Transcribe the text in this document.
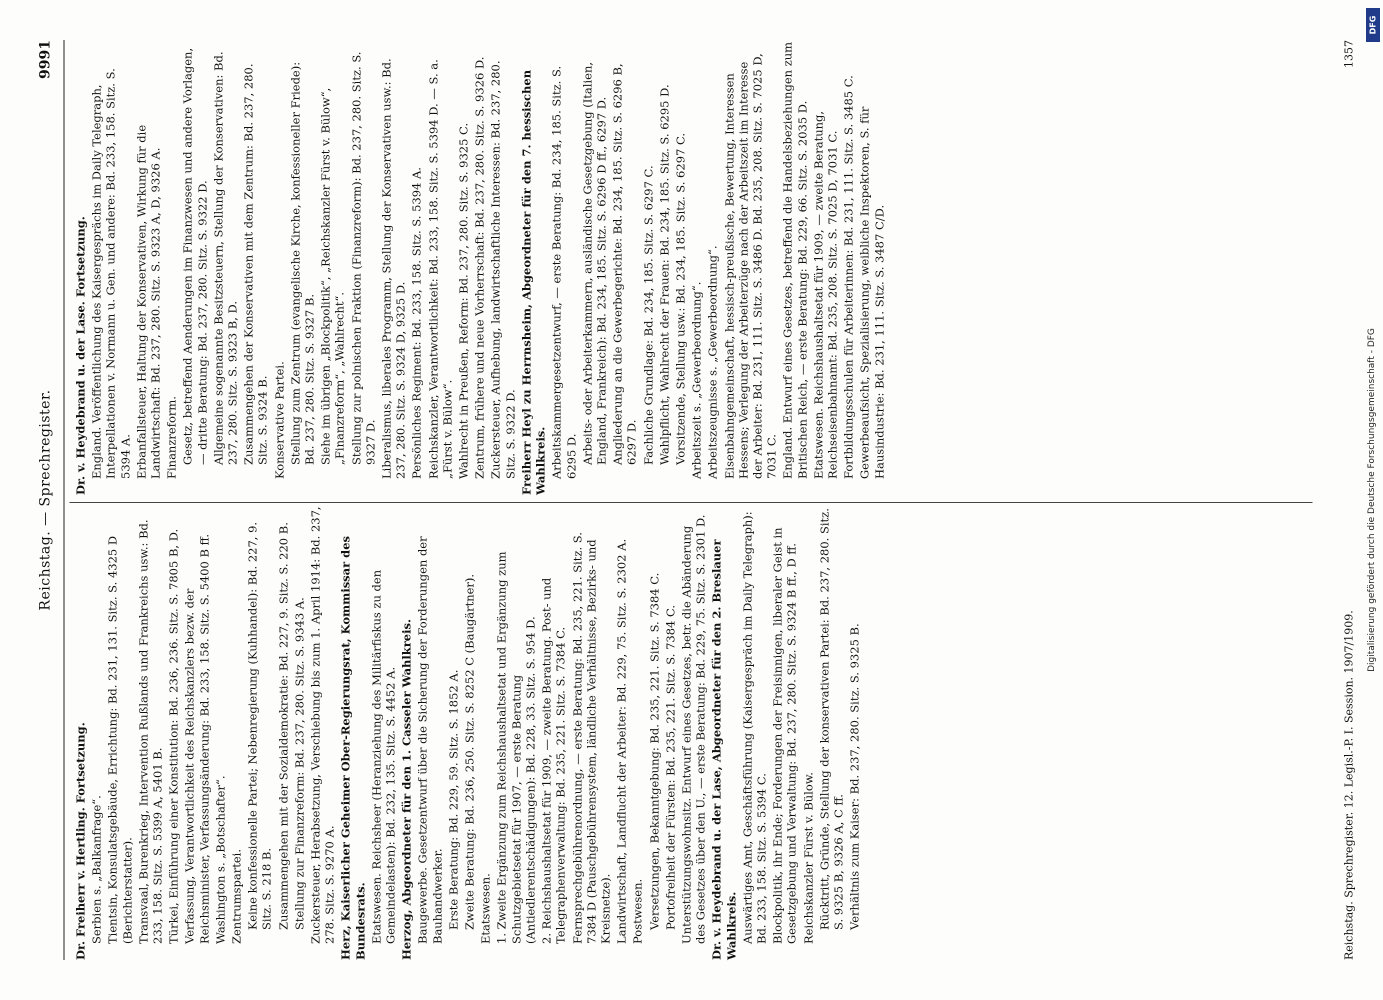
Reichstag. — Sprechregister.
9991
Dr. Freiherr v. Hertling. Fortsetzung. Serbien s. „Balkanfrage“. Tientsin, Konsulatsgebäude, Errichtung: Bd. 231, 131. Sitz. S. 4325 D (Berichterstatter). Transvaal, Burenkrieg, Intervention Rußlands und Frankreichs usw.: Bd. 233, 158. Sitz. S. 5399 A, 5401 B. Türkei, Einführung einer Konstitution: Bd. 236, 236. Sitz. S. 7805 B, D. Verfassung, Verantwortlichkeit des Reichskanzlers bezw. der Reichsminister, Verfassungsänderung: Bd. 233, 158. Sitz. S. 5400 B ff. Washington s. „Botschafter“. Zentrumspartei. Keine konfessionelle Partei; Nebenregierung (Kuhhandel): Bd. 227, 9. Sitz. S. 218 B. Zusammengehen mit der Sozialdemokratie: Bd. 227, 9. Sitz. S. 220 B. Stellung zur Finanzreform: Bd. 237, 280. Sitz. S. 9343 A. Zuckersteuer, Herabsetzung, Verschiebung bis zum 1. April 1914: Bd. 237, 278. Sitz. S. 9270 A. Herz, Kaiserlicher Geheimer Ober-Regierungsrat, Kommissar des Bundesrats. Etatswesen. Reichsheer (Heranziehung des Militärfiskus zu den Gemeindelasten): Bd. 232, 135. Sitz. S. 4452 A. Herzog, Abgeordneter für den 1. Casseler Wahlkreis. Baugewerbe. Gesetzentwurf über die Sicherung der Forderungen der Bauhandwerker. Erste Beratung: Bd. 229, 59. Sitz. S. 1852 A. Zweite Beratung: Bd. 236, 250. Sitz. S. 8252 C (Baugärtner). Etatswesen. 1. Zweite Ergänzung zum Reichshaushaltsetat und Ergänzung zum Schutzgebietsetat für 1907, — erste Beratung (Antiedlerentschädigungen): Bd. 228, 33. Sitz. S. 954 D. 2. Reichshaushaltsetat für 1909, — zweite Beratung. Post- und Telegraphenverwaltung: Bd. 235, 221. Sitz. S. 7384 C. Fernsprechgebührenordnung, — erste Beratung: Bd. 235, 221. Sitz. S. 7384 D (Pauschgebührensystem, ländliche Verhältnisse, Bezirks- und Kreisnetze). Landwirtschaft, Landflucht der Arbeiter: Bd. 229, 75. Sitz. S. 2302 A. Postwesen. Versetzungen, Bekanntgebung: Bd. 235, 221. Sitz. S. 7384 C. Portofreiheit der Fürsten: Bd. 235, 221. Sitz. S. 7384 C. Unterstützungswohnsitz. Entwurf eines Gesetzes, betr. die Abänderung des Gesetzes über den U., — erste Beratung: Bd. 229, 75. Sitz. S. 2301 D. Dr. v. Heydebrand u. der Lase, Abgeordneter für den 2. Breslauer Wahlkreis. Auswärtiges Amt, Geschäftsführung (Kaisergespräch im Daily Telegraph): Bd. 233, 158. Sitz. S. 5394 C. Blockpolitik, ihr Ende; Forderungen der Freisinnigen, liberaler Geist in Gesetzgebung und Verwaltung: Bd. 237, 280. Sitz. S. 9324 B ff., D ff. Reichskanzler Fürst v. Bülow. Rücktritt, Gründe, Stellung der konservativen Partei: Bd. 237, 280. Sitz. S. 9325 B, 9326 A, C ff. Verhältnis zum Kaiser: Bd. 237, 280. Sitz. S. 9325 B.
Dr. v. Heydebrand u. der Lase. Fortsetzung. England. Veröffentlichung des Kaisergesprächs im Daily Telegraph, Interpellationen v. Normann u. Gen. und andere: Bd. 233, 158. Sitz. S. 5394 A. Erbanfallsteuer, Haltung der Konservativen, Wirkung für die Landwirtschaft: Bd. 237, 280. Sitz. S. 9323 A, D, 9326 A. Finanzreform. Gesetz, betreffend Aenderungen im Finanzwesen und andere Vorlagen, — dritte Beratung: Bd. 237, 280. Sitz. S. 9322 D. Allgemeine sogenannte Besitzsteuern, Stellung der Konservativen: Bd. 237, 280. Sitz. S. 9323 B, D. Zusammengehen der Konservativen mit dem Zentrum: Bd. 237, 280. Sitz. S. 9324 B. Konservative Partei. Stellung zum Zentrum (evangelische Kirche, konfessioneller Friede): Bd. 237, 280. Sitz. S. 9327 B. Siehe im übrigen „Blockpolitik“, „Reichskanzler Fürst v. Bülow“, „Finanzreform“, „Wahlrecht“. Stellung zur polnischen Fraktion (Finanzreform): Bd. 237, 280. Sitz. S. 9327 D. Liberalismus, liberales Programm, Stellung der Konservativen usw.: Bd. 237, 280. Sitz. S. 9324 D, 9325 D. Persönliches Regiment: Bd. 233, 158. Sitz. S. 5394 A. Reichskanzler, Verantwortlichkeit: Bd. 233, 158. Sitz. S. 5394 D. — S. a. „Fürst v. Bülow“. Wahlrecht in Preußen, Reform: Bd. 237, 280. Sitz. S. 9325 C. Zentrum, frühere und neue Vorherrschaft: Bd. 237, 280. Sitz. S. 9326 D. Zuckersteuer, Aufhebung, landwirtschaftliche Interessen: Bd. 237, 280. Sitz. S. 9322 D. Freiherr Heyl zu Herrnsheim, Abgeordneter für den 7. hessischen Wahlkreis. Arbeitskammergesetzentwurf, — erste Beratung: Bd. 234, 185. Sitz. S. 6295 D. Arbeits- oder Arbeiterkammern, ausländische Gesetzgebung (Italien, England, Frankreich): Bd. 234, 185. Sitz. S. 6296 D ff., 6297 D. Angliederung an die Gewerbegerichte: Bd. 234, 185. Sitz. S. 6296 B, 6297 D. Fachliche Grundlage: Bd. 234, 185. Sitz. S. 6297 C. Wahlpflicht, Wahlrecht der Frauen: Bd. 234, 185. Sitz. S. 6295 D. Vorsitzende, Stellung usw.: Bd. 234, 185. Sitz. S. 6297 C. Arbeitszeit s. „Gewerbeordnung“. Arbeitszeugnisse s. „Gewerbeordnung“. Eisenbahngemeinschaft, hessisch-preußische, Bewertung, Interessen Hessens; Verlegung der Arbeiterzüge nach der Arbeitszeit im Interesse der Arbeiter: Bd. 231, 111. Sitz. S. 3486 D. Bd. 235, 208. Sitz. S. 7025 D, 7031 C. England. Entwurf eines Gesetzes, betreffend die Handelsbeziehungen zum Britischen Reich, — erste Beratung: Bd. 229, 66. Sitz. S. 2035 D. Etatswesen. Reichshaushaltsetat für 1909, — zweite Beratung, Reichseisenbahnamt: Bd. 235, 208. Sitz. S. 7025 D, 7031 C. Fortbildungsschulen für Arbeiterinnen: Bd. 231, 111. Sitz. S. 3485 C. Gewerbeaufsicht, Spezialisierung, weibliche Inspektoren, S. für Hausindustrie: Bd. 231, 111. Sitz. S. 3487 C/D.
Reichstag. Sprechregister. 12. Legisl.-P. I. Session. 1907/1909.
1357
Digitalisierung gefördert durch die Deutsche Forschungsgemeinschaft - DFG
DFG
